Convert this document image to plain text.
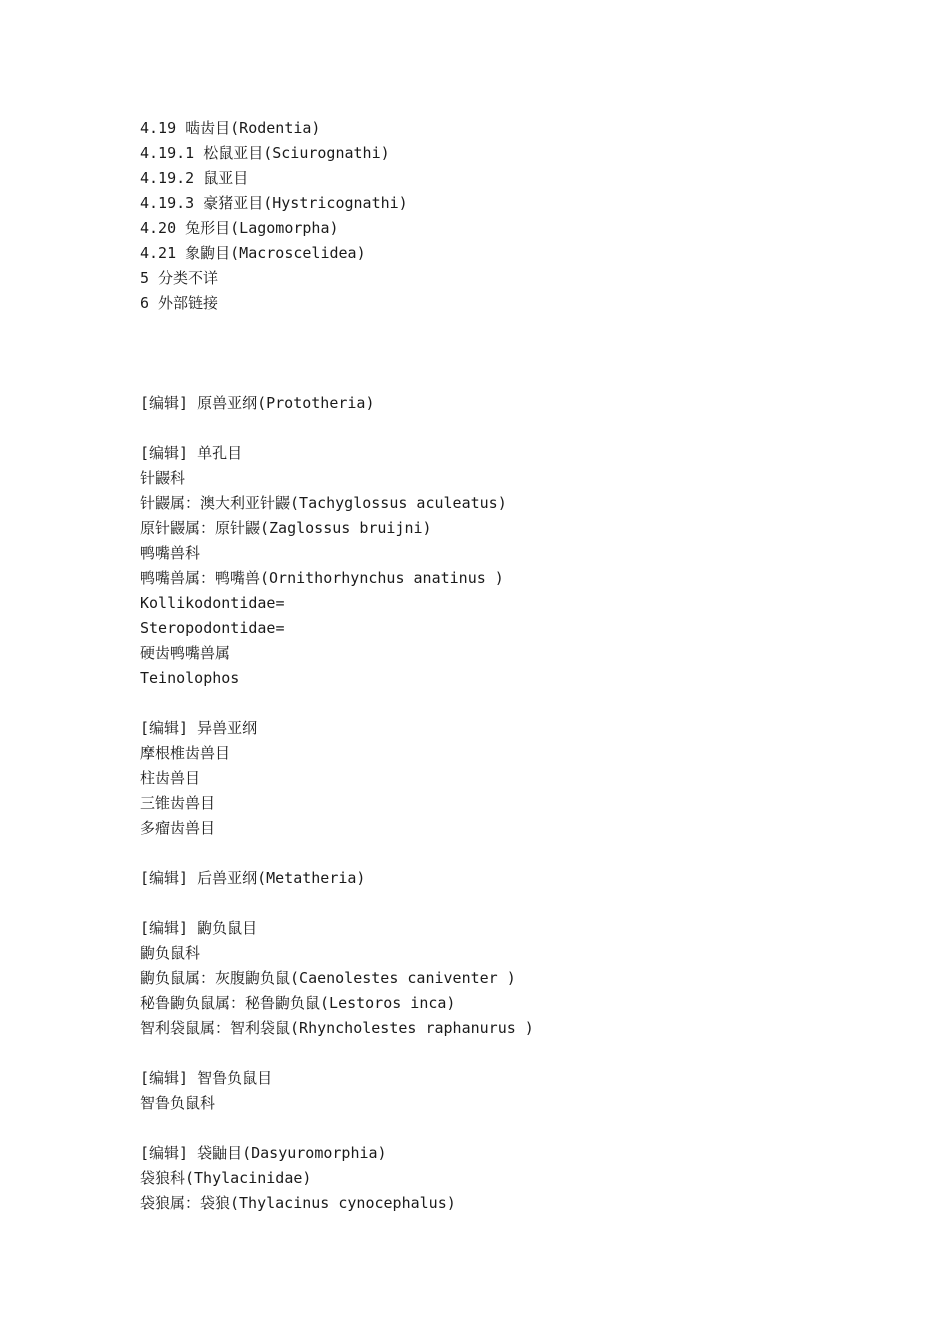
4.19 啮齿目(Rodentia)
4.19.1 松鼠亚目(Sciurognathi)
4.19.2 鼠亚目
4.19.3 豪猪亚目(Hystricognathi)
4.20 兔形目(Lagomorpha)
4.21 象鼩目(Macroscelidea)
5 分类不详
6 外部链接
[编辑] 原兽亚纲(Prototheria)
[编辑] 单孔目
针鼹科
针鼹属：澳大利亚针鼹(Tachyglossus aculeatus)
原针鼹属：原针鼹(Zaglossus bruijni)
鸭嘴兽科
鸭嘴兽属：鸭嘴兽(Ornithorhynchus anatinus )
Kollikodontidae=
Steropodontidae=
硬齿鸭嘴兽属
Teinolophos
[编辑] 异兽亚纲
摩根椎齿兽目
柱齿兽目
三锥齿兽目
多瘤齿兽目
[编辑] 后兽亚纲(Metatheria)
[编辑] 鼩负鼠目
鼩负鼠科
鼩负鼠属：灰腹鼩负鼠(Caenolestes caniventer )
秘鲁鼩负鼠属：秘鲁鼩负鼠(Lestoros inca)
智利袋鼠属：智利袋鼠(Rhyncholestes raphanurus )
[编辑] 智鲁负鼠目
智鲁负鼠科
[编辑] 袋鼬目(Dasyuromorphia)
袋狼科(Thylacinidae)
袋狼属：袋狼(Thylacinus cynocephalus)
